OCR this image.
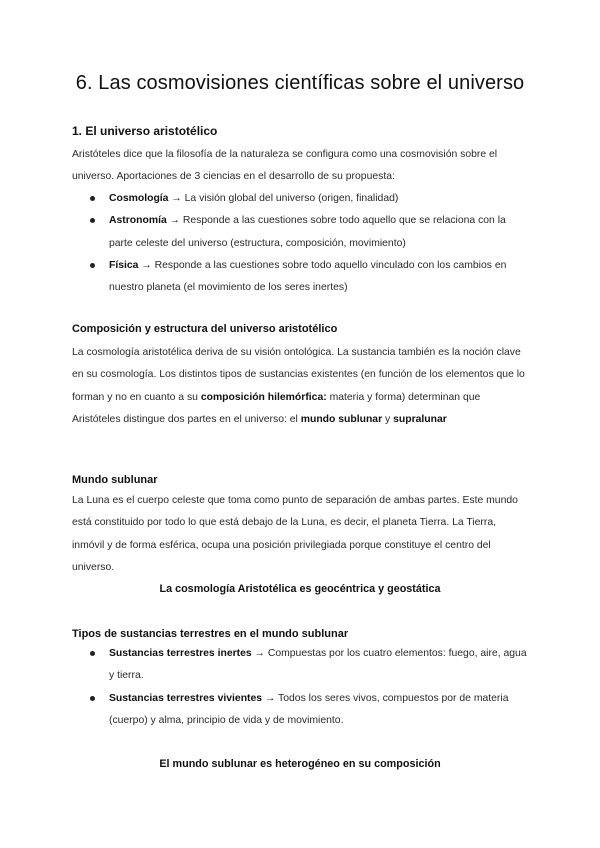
6. Las cosmovisiones científicas sobre el universo
1. El universo aristotélico
Aristóteles dice que la filosofía de la naturaleza se configura como una cosmovisión sobre el universo. Aportaciones de 3 ciencias en el desarrollo de su propuesta:
Cosmología → La visión global del universo (origen, finalidad)
Astronomía → Responde a las cuestiones sobre todo aquello que se relaciona con la parte celeste del universo (estructura, composición, movimiento)
Física → Responde a las cuestiones sobre todo aquello vinculado con los cambios en nuestro planeta (el movimiento de los seres inertes)
Composición y estructura del universo aristotélico
La cosmología aristotélica deriva de su visión ontológica. La sustancia también es la noción clave en su cosmología. Los distintos tipos de sustancias existentes (en función de los elementos que lo forman y no en cuanto a su composición hilemórfica: materia y forma) determinan que Aristóteles distingue dos partes en el universo: el mundo sublunar y supralunar
Mundo sublunar
La Luna es el cuerpo celeste que toma como punto de separación de ambas partes. Este mundo está constituido por todo lo que está debajo de la Luna, es decir, el planeta Tierra. La Tierra, inmóvil y de forma esférica, ocupa una posición privilegiada porque constituye el centro del universo.
La cosmología Aristotélica es geocéntrica y geostática
Tipos de sustancias terrestres en el mundo sublunar
Sustancias terrestres inertes → Compuestas por los cuatro elementos: fuego, aire, agua y tierra.
Sustancias terrestres vivientes → Todos los seres vivos, compuestos por de materia (cuerpo) y alma, principio de vida y de movimiento.
El mundo sublunar es heterogéneo en su composición
